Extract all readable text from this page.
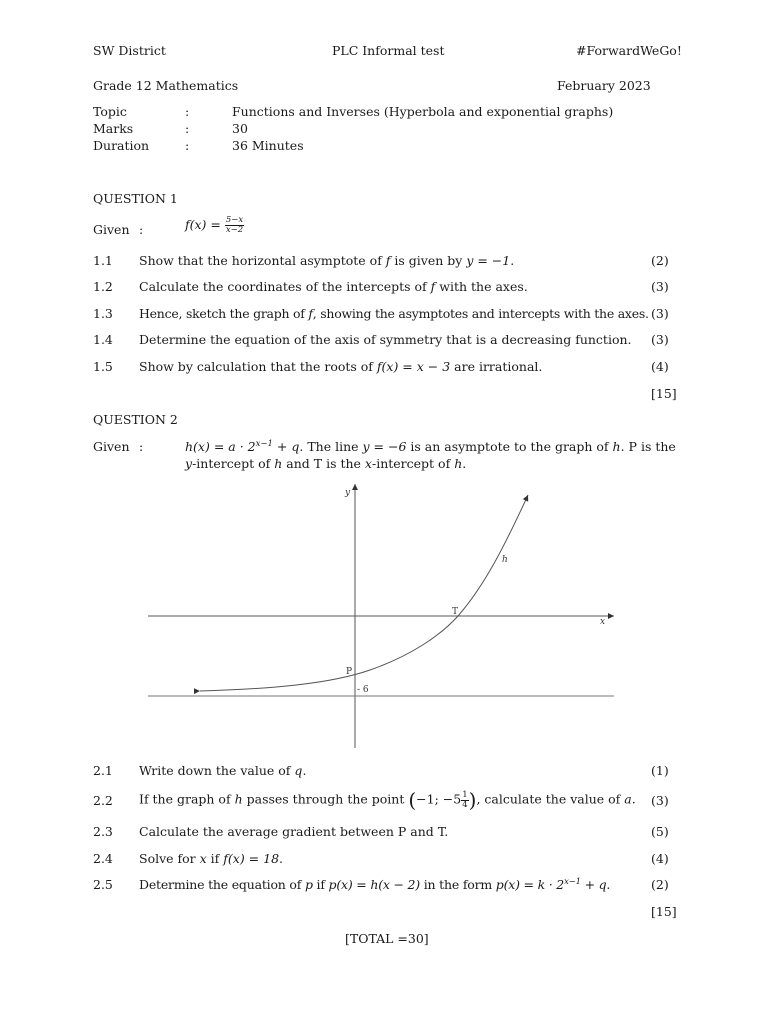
SW District	PLC Informal test	#ForwardWeGo!
Grade 12 Mathematics	February 2023
Topic	:	Functions and Inverses (Hyperbola and exponential graphs)
Marks	:	30
Duration	:	36 Minutes
QUESTION 1
Given :	$f(x) = \frac{5-x}{x-2}$
1.1 Show that the horizontal asymptote of f is given by y = −1.	(2)
1.2 Calculate the coordinates of the intercepts of f with the axes.	(3)
1.3 Hence, sketch the graph of f, showing the asymptotes and intercepts with the axes. (3)
1.4 Determine the equation of the axis of symmetry that is a decreasing function. (3)
1.5 Show by calculation that the roots of f(x) = x − 3 are irrational.	(4)
[15]
QUESTION 2
Given :	$h(x) = a \cdot 2^{x-1} + q$. The line y = −6 is an asymptote to the graph of h. P is the
y-intercept of h and T is the x-intercept of h.
y
x
h
P
T
- 6
2.1 Write down the value of q.	(1)
2.2 If the graph of h passes through the point (−1; $-5 \frac{1}{4}$ ), calculate the value of a. (3)
2.3 Calculate the average gradient between P and T.	(5)
2.4 Solve for x if f(x) = 18.	(4)
2.5 Determine the equation of p if p(x) = h(x − 2) in the form $p(x) = k \cdot 2^{x-1} + q$.	(2)
[15]
[TOTAL =30]
